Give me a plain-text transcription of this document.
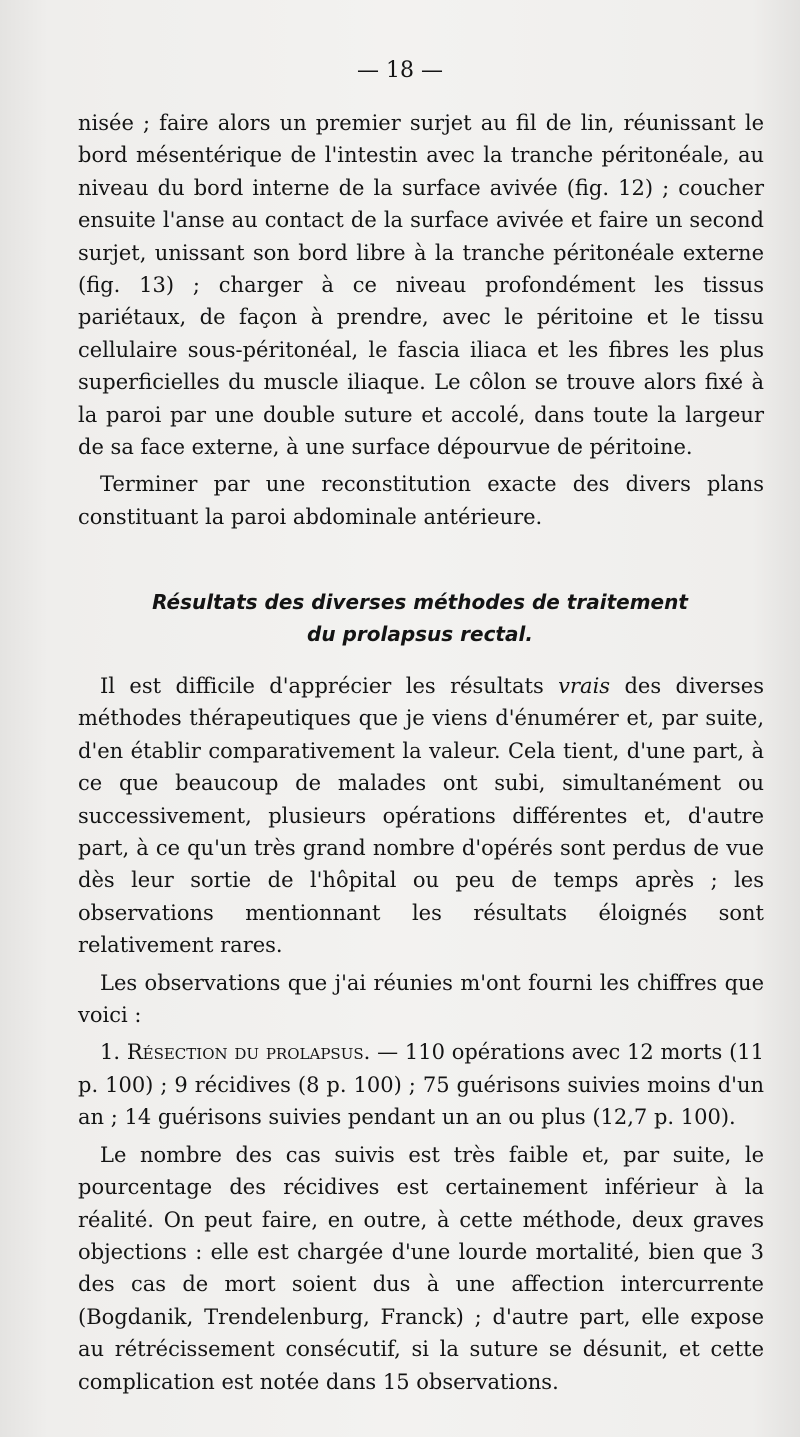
— 18 —

nisée ; faire alors un premier surjet au fil de lin, réunissant le bord mésentérique de l'intestin avec la tranche péritonéale, au niveau du bord interne de la surface avivée (fig. 12) ; coucher ensuite l'anse au contact de la surface avivée et faire un second surjet, unissant son bord libre à la tranche péritonéale externe (fig. 13) ; charger à ce niveau profondément les tissus pariétaux, de façon à prendre, avec le péritoine et le tissu cellulaire sous-péritonéal, le fascia iliaca et les fibres les plus superficielles du muscle iliaque. Le côlon se trouve alors fixé à la paroi par une double suture et accolé, dans toute la largeur de sa face externe, à une surface dépourvue de péritoine.

Terminer par une reconstitution exacte des divers plans constituant la paroi abdominale antérieure.

Résultats des diverses méthodes de traitement
du prolapsus rectal.

Il est difficile d'apprécier les résultats vrais des diverses méthodes thérapeutiques que je viens d'énumérer et, par suite, d'en établir comparativement la valeur. Cela tient, d'une part, à ce que beaucoup de malades ont subi, simultanément ou successivement, plusieurs opérations différentes et, d'autre part, à ce qu'un très grand nombre d'opérés sont perdus de vue dès leur sortie de l'hôpital ou peu de temps après ; les observations mentionnant les résultats éloignés sont relativement rares.

Les observations que j'ai réunies m'ont fourni les chiffres que voici :

1. Résection du prolapsus. — 110 opérations avec 12 morts (11 p. 100) ; 9 récidives (8 p. 100) ; 75 guérisons suivies moins d'un an ; 14 guérisons suivies pendant un an ou plus (12,7 p. 100).

Le nombre des cas suivis est très faible et, par suite, le pourcentage des récidives est certainement inférieur à la réalité. On peut faire, en outre, à cette méthode, deux graves objections : elle est chargée d'une lourde mortalité, bien que 3 des cas de mort soient dus à une affection intercurrente (Bogdanik, Trendelenburg, Franck) ; d'autre part, elle expose au rétrécissement consécutif, si la suture se désunit, et cette complication est notée dans 15 observations.
